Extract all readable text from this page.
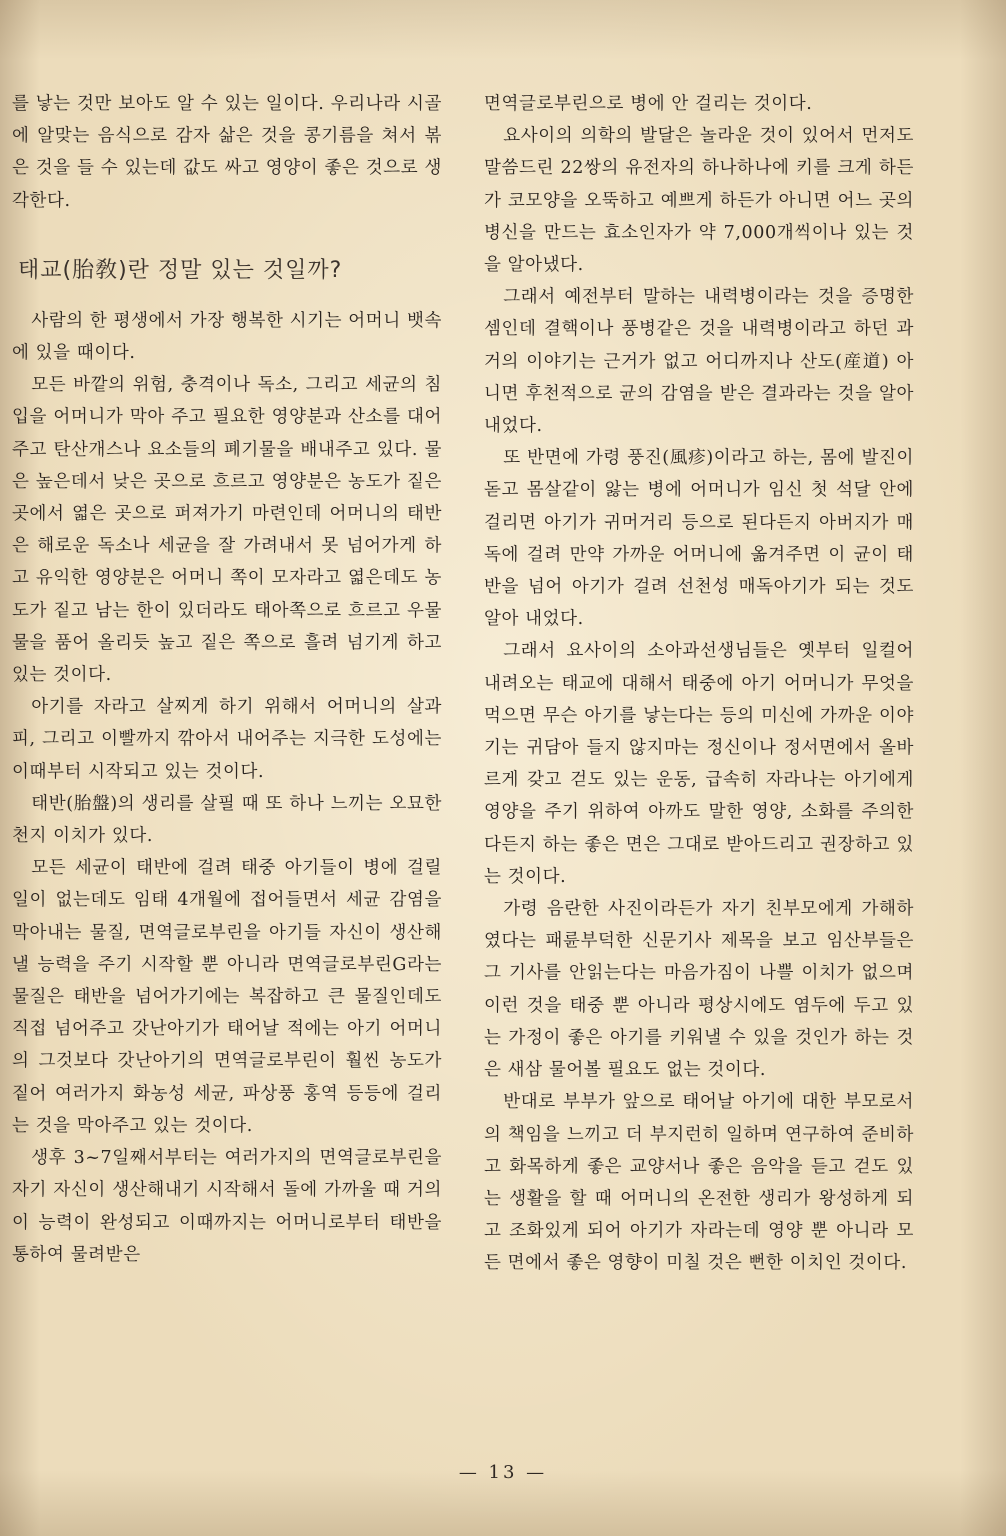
를 낳는 것만 보아도 알 수 있는 일이다. 우리나라 시골에 알맞는 음식으로 감자 삶은 것을 콩기름을 쳐서 볶은 것을 들 수 있는데 값도 싸고 영양이 좋은 것으로 생각한다.

태교(胎敎)란 정말 있는 것일까?

사람의 한 평생에서 가장 행복한 시기는 어머니 뱃속에 있을 때이다.

모든 바깥의 위험, 충격이나 독소, 그리고 세균의 침입을 어머니가 막아 주고 필요한 영양분과 산소를 대어주고 탄산개스나 요소들의 폐기물을 배내주고 있다. 물은 높은데서 낮은 곳으로 흐르고 영양분은 농도가 짙은 곳에서 엷은 곳으로 퍼져가기 마련인데 어머니의 태반은 해로운 독소나 세균을 잘 가려내서 못 넘어가게 하고 유익한 영양분은 어머니 쪽이 모자라고 엷은데도 농도가 짙고 남는 한이 있더라도 태아쪽으로 흐르고 우물 물을 품어 올리듯 높고 짙은 쪽으로 흘려 넘기게 하고 있는 것이다.

아기를 자라고 살찌게 하기 위해서 어머니의 살과 피, 그리고 이빨까지 깎아서 내어주는 지극한 도성에는 이때부터 시작되고 있는 것이다.

태반(胎盤)의 생리를 살필 때 또 하나 느끼는 오묘한 천지 이치가 있다.

모든 세균이 태반에 걸려 태중 아기들이 병에 걸릴 일이 없는데도 임태 4개월에 접어들면서 세균 감염을 막아내는 물질, 면역글로부린을 아기들 자신이 생산해 낼 능력을 주기 시작할 뿐 아니라 면역글로부린G라는 물질은 태반을 넘어가기에는 복잡하고 큰 물질인데도 직접 넘어주고 갓난아기가 태어날 적에는 아기 어머니의 그것보다 갓난아기의 면역글로부린이 훨씬 농도가 짙어 여러가지 화농성 세균, 파상풍 홍역 등등에 걸리는 것을 막아주고 있는 것이다.

생후 3~7일째서부터는 여러가지의 면역글로부린을 자기 자신이 생산해내기 시작해서 돌에 가까울 때 거의 이 능력이 완성되고 이때까지는 어머니로부터 태반을 통하여 물려받은

면역글로부린으로 병에 안 걸리는 것이다.

요사이의 의학의 발달은 놀라운 것이 있어서 먼저도 말씀드린 22쌍의 유전자의 하나하나에 키를 크게 하든가 코모양을 오뚝하고 예쁘게 하든가 아니면 어느 곳의 병신을 만드는 효소인자가 약 7,000개씩이나 있는 것을 알아냈다.

그래서 예전부터 말하는 내력병이라는 것을 증명한 셈인데 결핵이나 풍병같은 것을 내력병이라고 하던 과거의 이야기는 근거가 없고 어디까지나 산도(産道) 아니면 후천적으로 균의 감염을 받은 결과라는 것을 알아내었다.

또 반면에 가령 풍진(風疹)이라고 하는, 몸에 발진이 돋고 몸살같이 앓는 병에 어머니가 임신 첫 석달 안에 걸리면 아기가 귀머거리 등으로 된다든지 아버지가 매독에 걸려 만약 가까운 어머니에 옮겨주면 이 균이 태반을 넘어 아기가 걸려 선천성 매독아기가 되는 것도 알아 내었다.

그래서 요사이의 소아과선생님들은 옛부터 일컬어 내려오는 태교에 대해서 태중에 아기 어머니가 무엇을 먹으면 무슨 아기를 낳는다는 등의 미신에 가까운 이야기는 귀담아 들지 않지마는 정신이나 정서면에서 올바르게 갖고 걷도 있는 운동, 급속히 자라나는 아기에게 영양을 주기 위하여 아까도 말한 영양, 소화를 주의한다든지 하는 좋은 면은 그대로 받아드리고 권장하고 있는 것이다.

가령 음란한 사진이라든가 자기 친부모에게 가해하였다는 패륜부덕한 신문기사 제목을 보고 임산부들은 그 기사를 안읽는다는 마음가짐이 나쁠 이치가 없으며 이런 것을 태중 뿐 아니라 평상시에도 염두에 두고 있는 가정이 좋은 아기를 키워낼 수 있을 것인가 하는 것은 새삼 물어볼 필요도 없는 것이다.

반대로 부부가 앞으로 태어날 아기에 대한 부모로서의 책임을 느끼고 더 부지런히 일하며 연구하여 준비하고 화목하게 좋은 교양서나 좋은 음악을 듣고 걷도 있는 생활을 할 때 어머니의 온전한 생리가 왕성하게 되고 조화있게 되어 아기가 자라는데 영양 뿐 아니라 모든 면에서 좋은 영향이 미칠 것은 뻔한 이치인 것이다.

— 13 —
